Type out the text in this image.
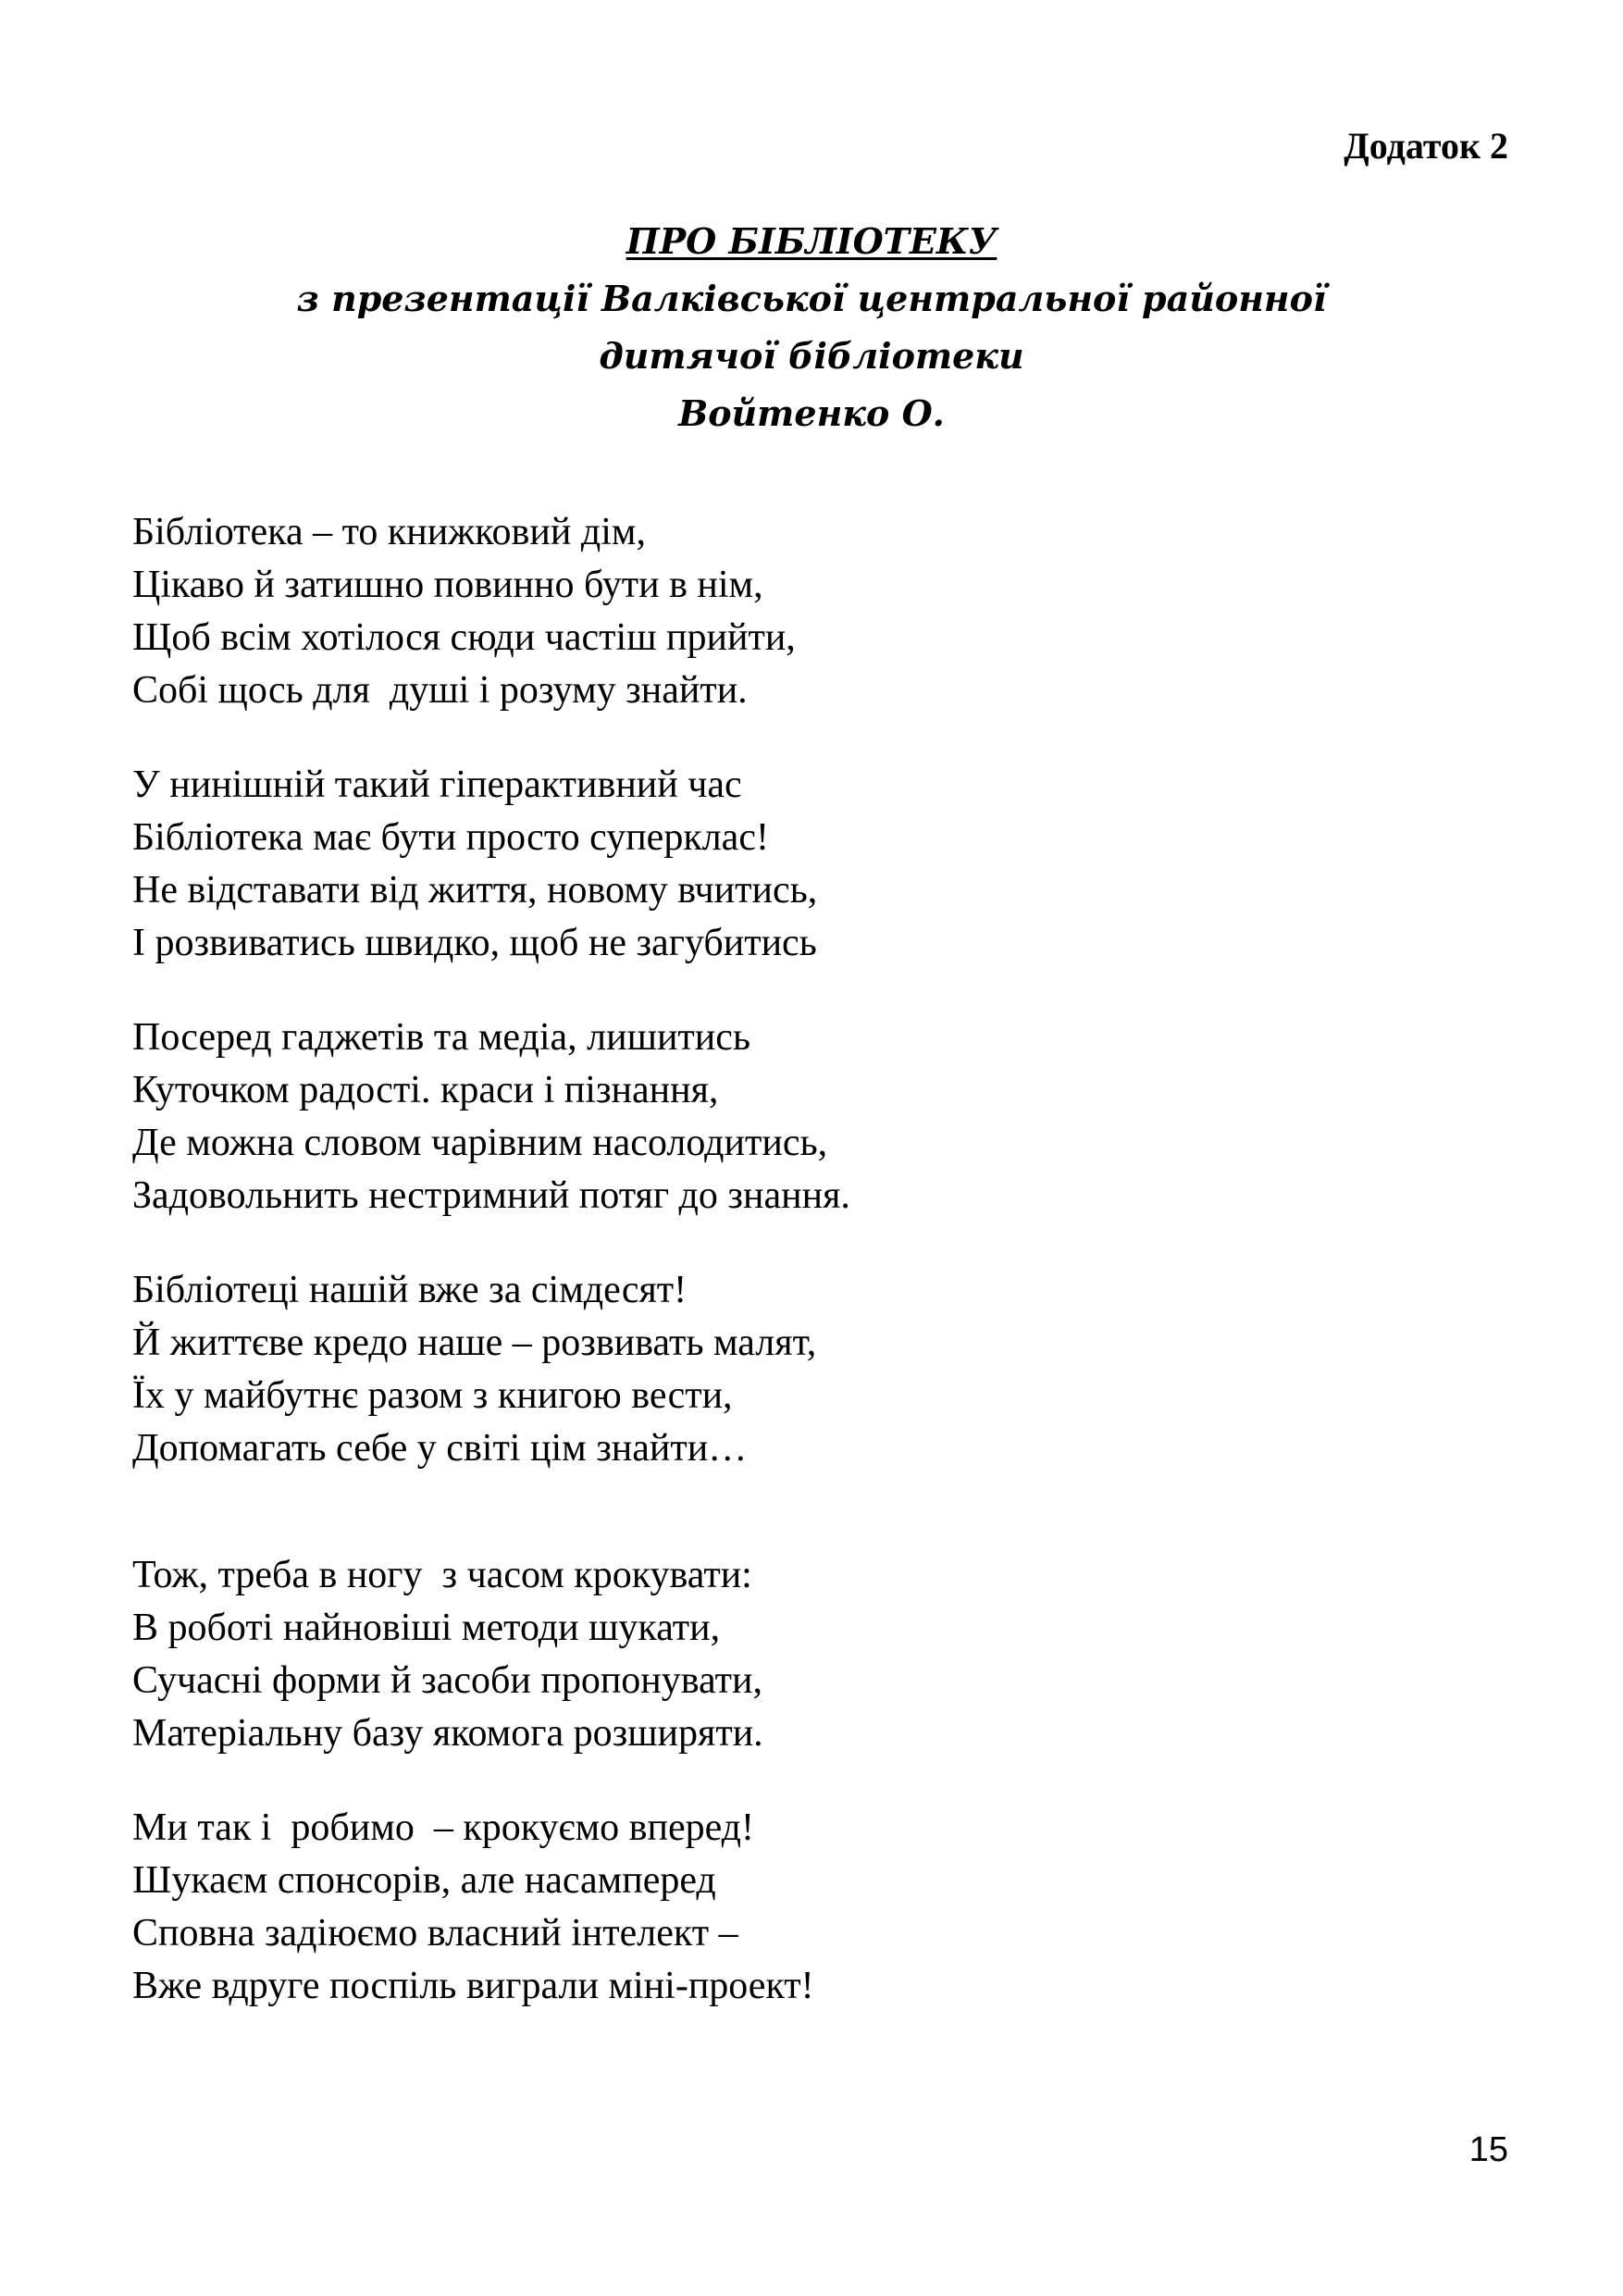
Додаток 2
ПРО БІБЛІОТЕКУ
з презентації Валківської центральної районної
дитячої бібліотеки
Войтенко О.
Бібліотека – то книжковий дім,
Цікаво й затишно повинно бути в нім,
Щоб всім хотілося сюди частіш прийти,
Собі щось для  душі і розуму знайти.
У нинішній такий гіперактивний час
Бібліотека має бути просто суперклас!
Не відставати від життя, новому вчитись,
І розвиватись швидко, щоб не загубитись
Посеред гаджетів та медіа, лишитись
Куточком радості. краси і пізнання,
Де можна словом чарівним насолодитись,
Задовольнить нестримний потяг до знання.
Бібліотеці нашій вже за сімдесят!
Й життєве кредо наше – розвивать малят,
Їх у майбутнє разом з книгою вести,
Допомагать себе у світі цім знайти…
Тож, треба в ногу  з часом крокувати:
В роботі найновіші методи шукати,
Сучасні форми й засоби пропонувати,
Матеріальну базу якомога розширяти.
Ми так і  робимо  – крокуємо вперед!
Шукаєм спонсорів, але насамперед
Сповна задіюємо власний інтелект –
Вже вдруге поспіль виграли міні-проект!
15
